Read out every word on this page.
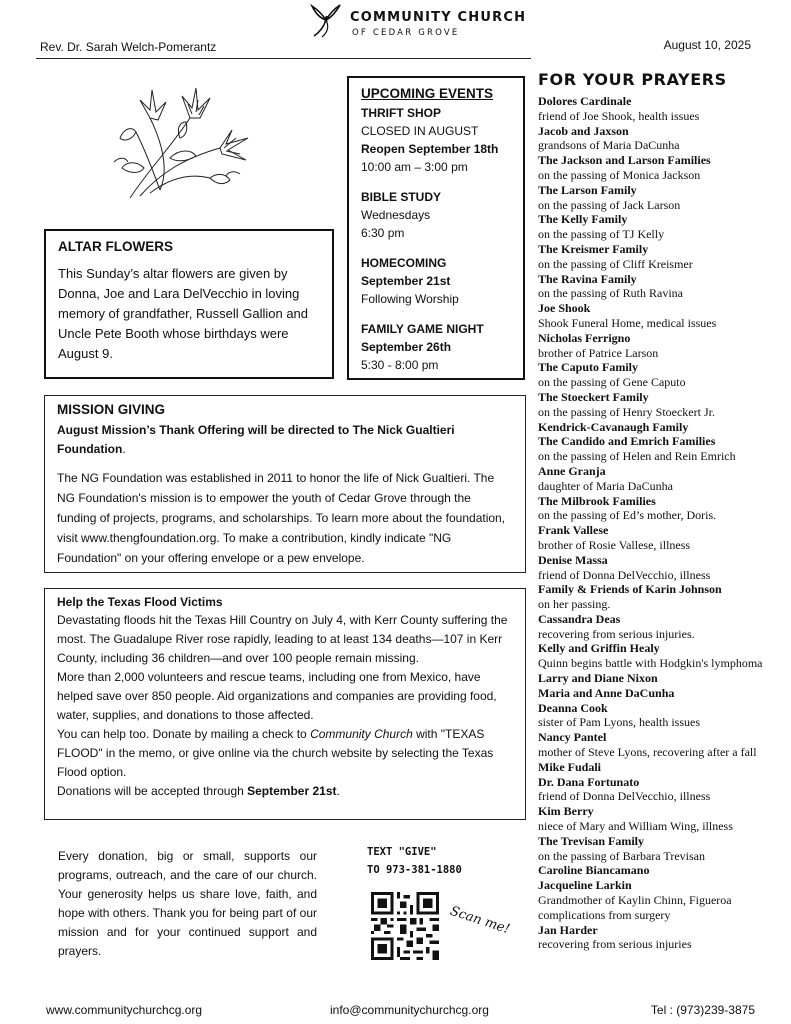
COMMUNITY CHURCH
OF CEDAR GROVE
Rev. Dr. Sarah Welch-Pomerantz	August 10, 2025
ALTAR FLOWERS

This Sunday’s altar flowers are given by Donna, Joe and Lara DelVecchio in loving memory of grandfather, Russell Gallion and Uncle Pete Booth whose birthdays were August 9.

UPCOMING EVENTS
THRIFT SHOP
CLOSED IN AUGUST
Reopen September 18th
10:00 am – 3:00 pm
BIBLE STUDY
Wednesdays
6:30 pm
HOMECOMING
September 21st
Following Worship
FAMILY GAME NIGHT
September 26th
5:30 - 8:00 pm
MISSION GIVING

August Mission’s Thank Offering will be directed to The Nick Gualtieri Foundation.

The NG Foundation was established in 2011 to honor the life of Nick Gualtieri. The NG Foundation's mission is to empower the youth of Cedar Grove through the funding of projects, programs, and scholarships. To learn more about the foundation, visit www.thengfoundation.org. To make a contribution, kindly indicate "NG Foundation" on your offering envelope or a pew envelope.

Help the Texas Flood Victims

Devastating floods hit the Texas Hill Country on July 4, with Kerr County suffering the most. The Guadalupe River rose rapidly, leading to at least 134 deaths—107 in Kerr County, including 36 children—and over 100 people remain missing.

More than 2,000 volunteers and rescue teams, including one from Mexico, have helped save over 850 people. Aid organizations and companies are providing food, water, supplies, and donations to those affected.

You can help too. Donate by mailing a check to Community Church with "TEXAS FLOOD" in the memo, or give online via the church website by selecting the Texas Flood option.

Donations will be accepted through September 21st.

Every donation, big or small, supports our programs, outreach, and the care of our church. Your generosity helps us share love, faith, and hope with others. Thank you for being part of our mission and for your continued support and prayers.
TEXT "GIVE"
TO 973-381-1880
Scan me!
FOR YOUR PRAYERS
Dolores Cardinale
friend of Joe Shook, health issues
Jacob and Jaxson
grandsons of Maria DaCunha
The Jackson and Larson Families
on the passing of Monica Jackson
The Larson Family
on the passing of Jack Larson
The Kelly Family
on the passing of TJ Kelly
The Kreismer Family
on the passing of Cliff Kreismer
The Ravina Family
on the passing of Ruth Ravina
Joe Shook
Shook Funeral Home, medical issues
Nicholas Ferrigno
brother of Patrice Larson
The Caputo Family
on the passing of Gene Caputo
The Stoeckert Family
on the passing of Henry Stoeckert Jr.
Kendrick-Cavanaugh Family
The Candido and Emrich Families
on the passing of Helen and Rein Emrich
Anne Granja
daughter of Maria DaCunha
The Milbrook Families
on the passing of Ed’s mother, Doris.
Frank Vallese
brother of Rosie Vallese, illness
Denise Massa
friend of Donna DelVecchio, illness
Family & Friends of Karin Johnson
on her passing.
Cassandra Deas
recovering from serious injuries.
Kelly and Griffin Healy
Quinn begins battle with Hodgkin's lymphoma
Larry and Diane Nixon
Maria and Anne DaCunha
Deanna Cook
sister of Pam Lyons, health issues
Nancy Pantel
mother of Steve Lyons, recovering after a fall
Mike Fudali
Dr. Dana Fortunato
friend of Donna DelVecchio, illness
Kim Berry
niece of Mary and William Wing, illness
The Trevisan Family
on the passing of Barbara Trevisan
Caroline Biancamano
Jacqueline Larkin
Grandmother of Kaylin Chinn, Figueroa complications from surgery
Jan Harder
recovering from serious injuries
www.communitychurchcg.org	info@communitychurchcg.org	Tel : (973)239-3875
